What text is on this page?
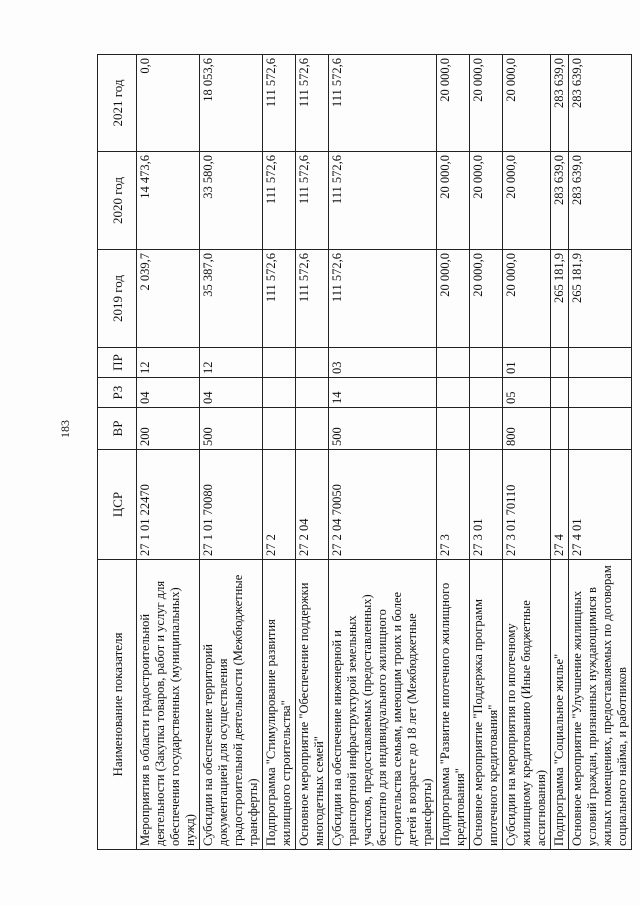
183
Наименование показателя	ЦСР	ВР	РЗ	ПР	2019 год	2020 год	2021 год
Мероприятия в области градостроительной деятельности (Закупка товаров, работ и услуг для обеспечения государственных (муниципальных) нужд)	27 1 01 22470	200	04	12	2 039,7	14 473,6	0,0
Субсидии на обеспечение территорий документацией для осуществления градостроительной деятельности (Межбюджетные трансферты)	27 1 01 70080	500	04	12	35 387,0	33 580,0	18 053,6
Подпрограмма "Стимулирование развития жилищного строительства"	27 2				111 572,6	111 572,6	111 572,6
Основное мероприятие "Обеспечение поддержки многодетных семей"	27 2 04				111 572,6	111 572,6	111 572,6
Субсидии на обеспечение инженерной и транспортной инфраструктурой земельных участков, предоставляемых (предоставленных) бесплатно для индивидуального жилищного строительства семьям, имеющим троих и более детей в возрасте до 18 лет (Межбюджетные трансферты)	27 2 04 70050	500	14	03	111 572,6	111 572,6	111 572,6
Подпрограмма "Развитие ипотечного жилищного кредитования"	27 3				20 000,0	20 000,0	20 000,0
Основное мероприятие "Поддержка программ ипотечного кредитования"	27 3 01				20 000,0	20 000,0	20 000,0
Субсидии на мероприятия по ипотечному жилищному кредитованию (Иные бюджетные ассигнования)	27 3 01 70110	800	05	01	20 000,0	20 000,0	20 000,0
Подпрограмма "Социальное жилье"	27 4				265 181,9	283 639,0	283 639,0
Основное мероприятие "Улучшение жилищных условий граждан, признанных нуждающимися в жилых помещениях, предоставляемых по договорам социального найма, и работников	27 4 01				265 181,9	283 639,0	283 639,0
